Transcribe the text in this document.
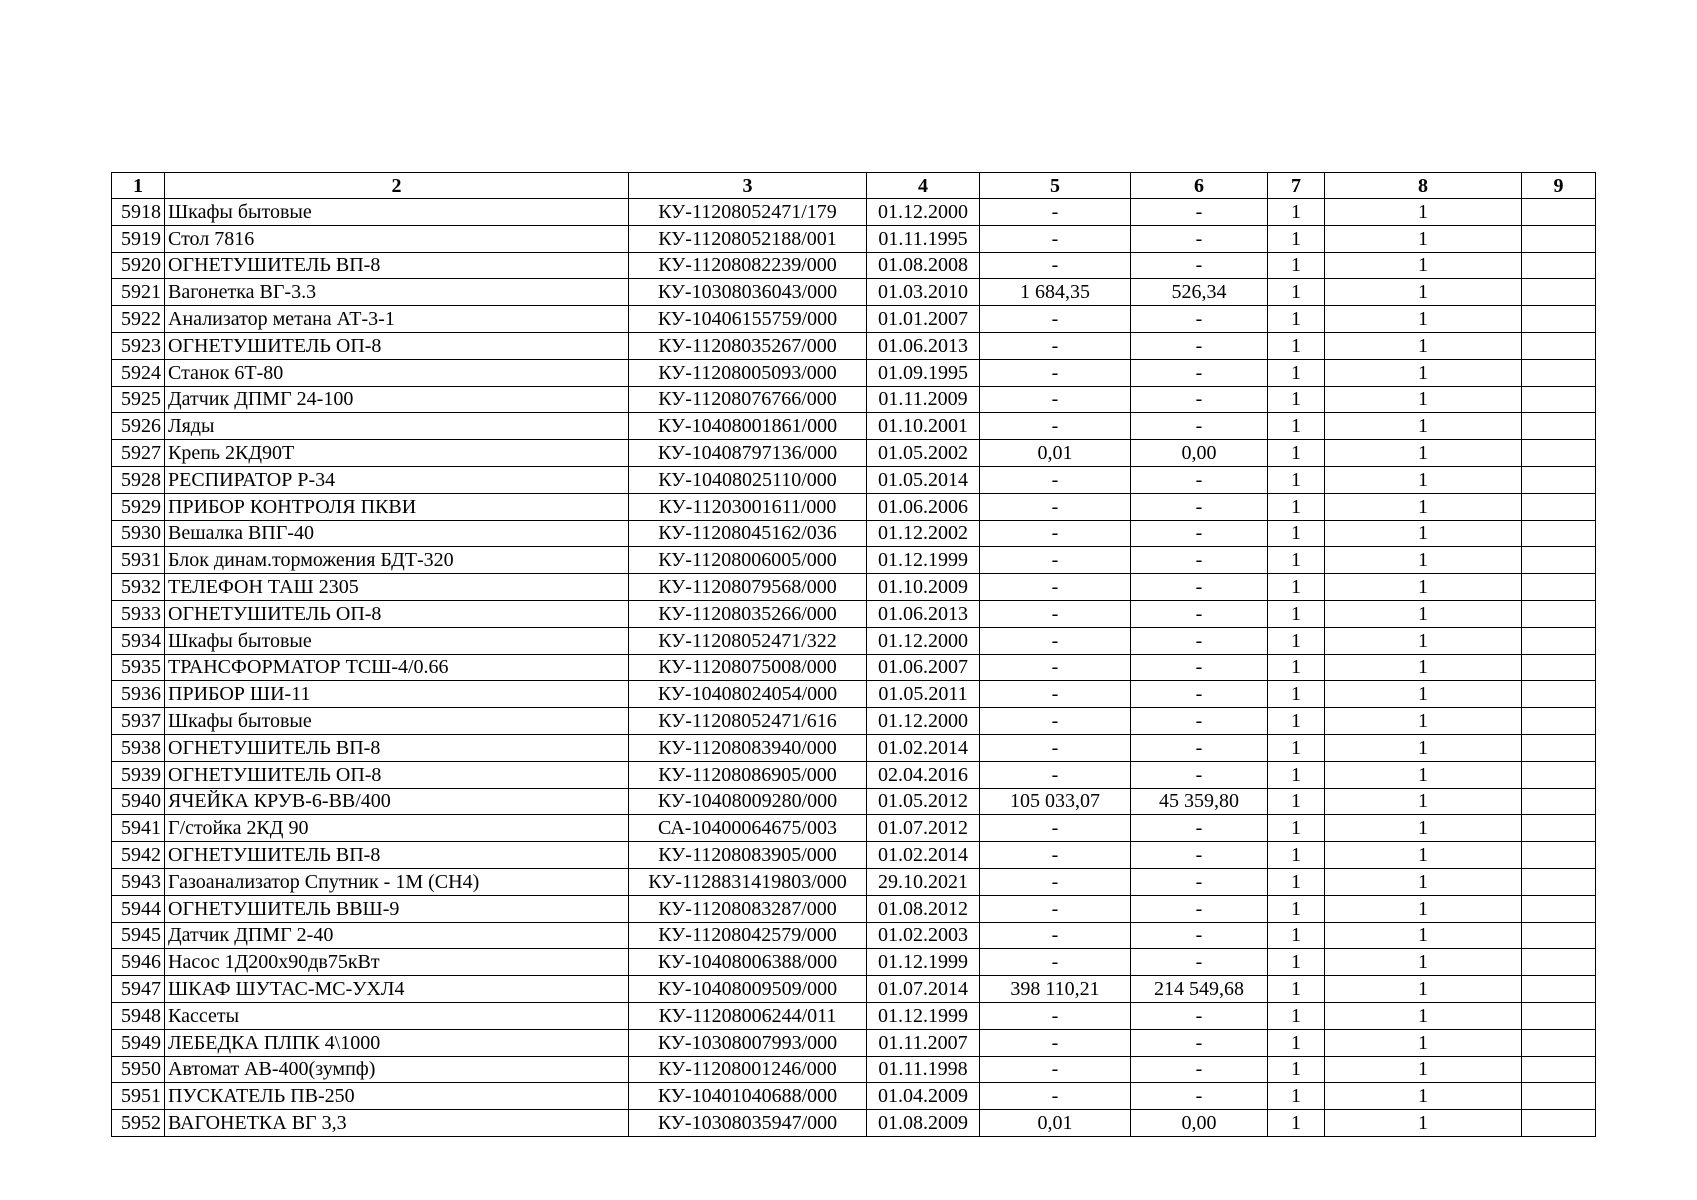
1	2	3	4	5	6	7	8	9
5918	Шкафы бытовые	КУ-11208052471/179	01.12.2000	-	-	1	1	
5919	Стол 7816	КУ-11208052188/001	01.11.1995	-	-	1	1	
5920	ОГНЕТУШИТЕЛЬ ВП-8	КУ-11208082239/000	01.08.2008	-	-	1	1	
5921	Вагонетка ВГ-3.3	КУ-10308036043/000	01.03.2010	1 684,35	526,34	1	1	
5922	Анализатор метана АТ-3-1	КУ-10406155759/000	01.01.2007	-	-	1	1	
5923	ОГНЕТУШИТЕЛЬ ОП-8	КУ-11208035267/000	01.06.2013	-	-	1	1	
5924	Станок 6Т-80	КУ-11208005093/000	01.09.1995	-	-	1	1	
5925	Датчик ДПМГ 24-100	КУ-11208076766/000	01.11.2009	-	-	1	1	
5926	Ляды	КУ-10408001861/000	01.10.2001	-	-	1	1	
5927	Крепь 2КД90Т	КУ-10408797136/000	01.05.2002	0,01	0,00	1	1	
5928	РЕСПИРАТОР Р-34	КУ-10408025110/000	01.05.2014	-	-	1	1	
5929	ПРИБОР КОНТРОЛЯ ПКВИ	КУ-11203001611/000	01.06.2006	-	-	1	1	
5930	Вешалка ВПГ-40	КУ-11208045162/036	01.12.2002	-	-	1	1	
5931	Блок динам.торможения БДТ-320	КУ-11208006005/000	01.12.1999	-	-	1	1	
5932	ТЕЛЕФОН ТАШ 2305	КУ-11208079568/000	01.10.2009	-	-	1	1	
5933	ОГНЕТУШИТЕЛЬ ОП-8	КУ-11208035266/000	01.06.2013	-	-	1	1	
5934	Шкафы бытовые	КУ-11208052471/322	01.12.2000	-	-	1	1	
5935	ТРАНСФОРМАТОР ТСШ-4/0.66	КУ-11208075008/000	01.06.2007	-	-	1	1	
5936	ПРИБОР ШИ-11	КУ-10408024054/000	01.05.2011	-	-	1	1	
5937	Шкафы бытовые	КУ-11208052471/616	01.12.2000	-	-	1	1	
5938	ОГНЕТУШИТЕЛЬ ВП-8	КУ-11208083940/000	01.02.2014	-	-	1	1	
5939	ОГНЕТУШИТЕЛЬ ОП-8	КУ-11208086905/000	02.04.2016	-	-	1	1	
5940	ЯЧЕЙКА КРУВ-6-ВВ/400	КУ-10408009280/000	01.05.2012	105 033,07	45 359,80	1	1	
5941	Г/стойка 2КД 90	СА-10400064675/003	01.07.2012	-	-	1	1	
5942	ОГНЕТУШИТЕЛЬ ВП-8	КУ-11208083905/000	01.02.2014	-	-	1	1	
5943	Газоанализатор Спутник - 1М (СН4)	КУ-1128831419803/000	29.10.2021	-	-	1	1	
5944	ОГНЕТУШИТЕЛЬ ВВШ-9	КУ-11208083287/000	01.08.2012	-	-	1	1	
5945	Датчик ДПМГ 2-40	КУ-11208042579/000	01.02.2003	-	-	1	1	
5946	Насос 1Д200х90дв75кВт	КУ-10408006388/000	01.12.1999	-	-	1	1	
5947	ШКАФ ШУТАС-МС-УХЛ4	КУ-10408009509/000	01.07.2014	398 110,21	214 549,68	1	1	
5948	Кассеты	КУ-11208006244/011	01.12.1999	-	-	1	1	
5949	ЛЕБЕДКА ПЛПК 4\1000	КУ-10308007993/000	01.11.2007	-	-	1	1	
5950	Автомат АВ-400(зумпф)	КУ-11208001246/000	01.11.1998	-	-	1	1	
5951	ПУСКАТЕЛЬ ПВ-250	КУ-10401040688/000	01.04.2009	-	-	1	1	
5952	ВАГОНЕТКА ВГ 3,3	КУ-10308035947/000	01.08.2009	0,01	0,00	1	1	
